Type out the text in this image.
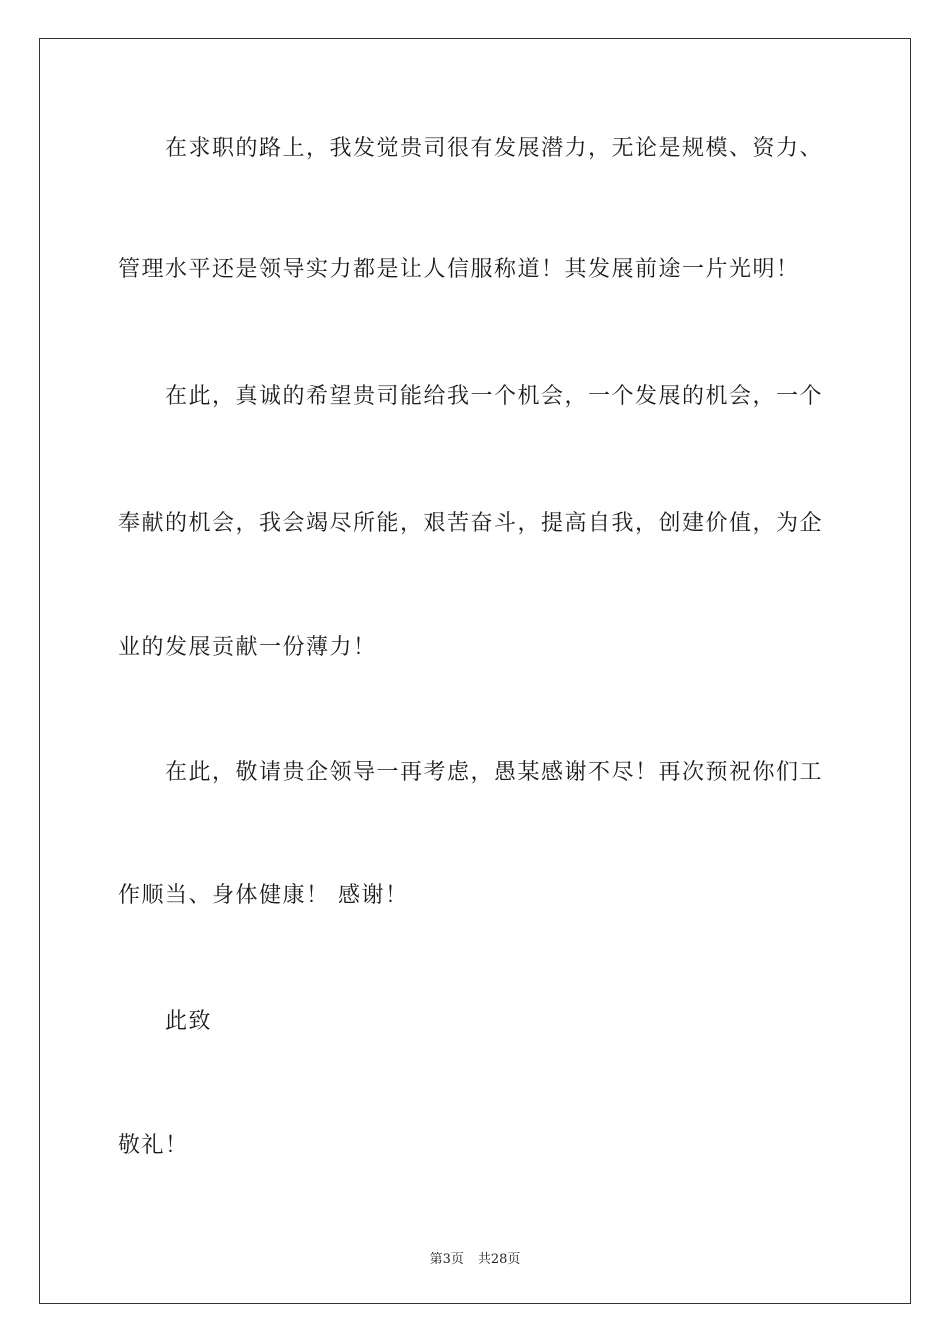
在求职的路上，我发觉贵司很有发展潜力，无论是规模、资力、
管理水平还是领导实力都是让人信服称道！其发展前途一片光明！
在此，真诚的希望贵司能给我一个机会，一个发展的机会，一个
奉献的机会，我会竭尽所能，艰苦奋斗，提高自我，创建价值，为企
业的发展贡献一份薄力！
在此，敬请贵企领导一再考虑，愚某感谢不尽！再次预祝你们工
作顺当、身体健康！ 感谢！
此致
敬礼！
第3页 共28页
